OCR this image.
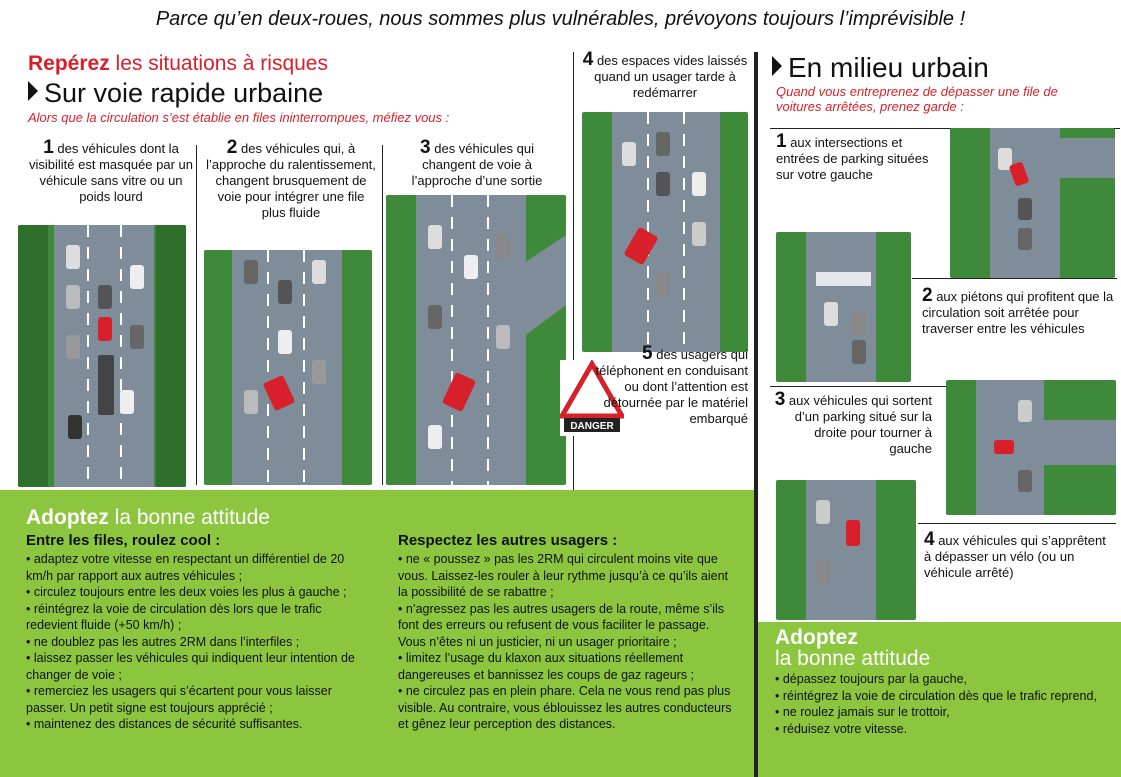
Parce qu’en deux-roues, nous sommes plus vulnérables, prévoyons toujours l’imprévisible !
Repérez les situations à risques
Sur voie rapide urbaine
Alors que la circulation s’est établie en files ininterrompues, méfiez vous :
1 des véhicules dont la visibilité est masquée par un véhicule sans vitre ou un poids lourd
2 des véhicules qui, à l’approche du ralentissement, changent brusquement de voie pour intégrer une file plus fluide
3 des véhicules qui changent de voie à l’approche d’une sortie
4 des espaces vides laissés quand un usager tarde à redémarrer
DANGER
5 des usagers qui téléphonent en conduisant ou dont l’attention est détournée par le matériel embarqué
En milieu urbain
Quand vous entreprenez de dépasser une file de voitures arrêtées, prenez garde :
1 aux intersections et entrées de parking situées sur votre gauche
2 aux piétons qui profitent que la circulation soit arrêtée pour traverser entre les véhicules
3 aux véhicules qui sortent d’un parking situé sur la droite pour tourner à gauche
4 aux véhicules qui s’apprêtent à dépasser un vélo (ou un véhicule arrêté)
Adoptez la bonne attitude
Entre les files, roulez cool :

• adaptez votre vitesse en respectant un différentiel de 20 km/h par rapport aux autres véhicules ;

• circulez toujours entre les deux voies les plus à gauche ;

• réintégrez la voie de circulation dès lors que le trafic redevient fluide (+50 km/h) ;

• ne doublez pas les autres 2RM dans l’interfiles ;

• laissez passer les véhicules qui indiquent leur intention de changer de voie ;

• remerciez les usagers qui s’écartent pour vous laisser passer. Un petit signe est toujours apprécié ;

• maintenez des distances de sécurité suffisantes.

Respectez les autres usagers :

• ne « poussez » pas les 2RM qui circulent moins vite que vous. Laissez-les rouler à leur rythme jusqu’à ce qu’ils aient la possibilité de se rabattre ;

• n’agressez pas les autres usagers de la route, même s’ils font des erreurs ou refusent de vous faciliter le passage. Vous n’êtes ni un justicier, ni un usager prioritaire ;

• limitez l’usage du klaxon aux situations réellement dangereuses et bannissez les coups de gaz rageurs ;

• ne circulez pas en plein phare. Cela ne vous rend pas plus visible. Au contraire, vous éblouissez les autres conducteurs et gênez leur perception des distances.

Adoptez
la bonne attitude

• dépassez toujours par la gauche,

• réintégrez la voie de circulation dès que le trafic reprend,

• ne roulez jamais sur le trottoir,

• réduisez votre vitesse.
